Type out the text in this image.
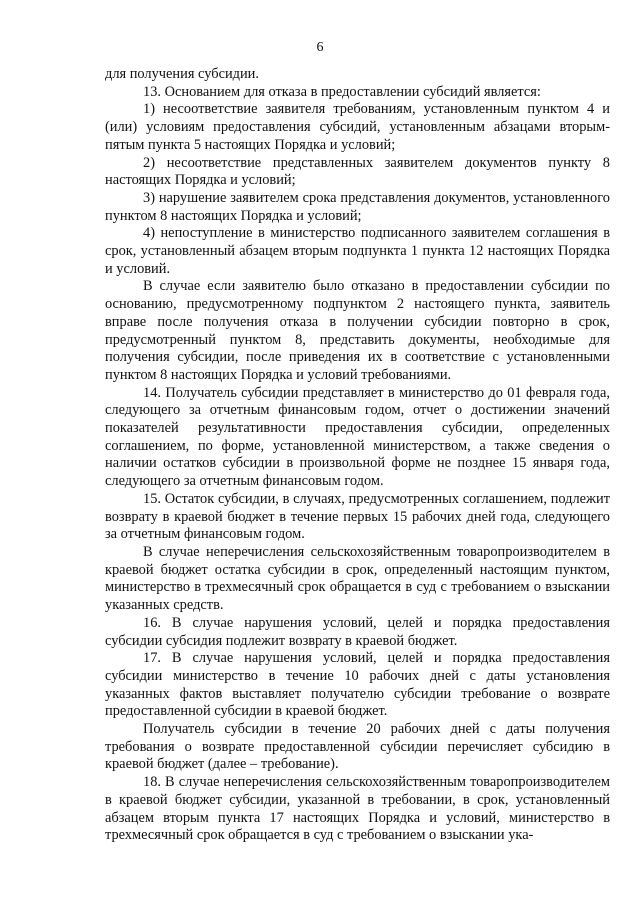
6

для получения субсидии.

13. Основанием для отказа в предоставлении субсидий является:

1) несоответствие заявителя требованиям, установленным пунктом 4 и (или) условиям предоставления субсидий, установленным абзацами вторым-пятым пункта 5 настоящих Порядка и условий;

2) несоответствие представленных заявителем документов пункту 8 настоящих Порядка и условий;

3) нарушение заявителем срока представления документов, установленного пунктом 8 настоящих Порядка и условий;

4) непоступление в министерство подписанного заявителем соглашения в срок, установленный абзацем вторым подпункта 1 пункта 12 настоящих Порядка и условий.

В случае если заявителю было отказано в предоставлении субсидии по основанию, предусмотренному подпунктом 2 настоящего пункта, заявитель вправе после получения отказа в получении субсидии повторно в срок, предусмотренный пунктом 8, представить документы, необходимые для получения субсидии, после приведения их в соответствие с установленными пунктом 8 настоящих Порядка и условий требованиями.

14. Получатель субсидии представляет в министерство до 01 февраля года, следующего за отчетным финансовым годом, отчет о достижении значений показателей результативности предоставления субсидии, определенных соглашением, по форме, установленной министерством, а также сведения о наличии остатков субсидии в произвольной форме не позднее 15 января года, следующего за отчетным финансовым годом.

15. Остаток субсидии, в случаях, предусмотренных соглашением, подлежит возврату в краевой бюджет в течение первых 15 рабочих дней года, следующего за отчетным финансовым годом.

В случае неперечисления сельскохозяйственным товаропроизводителем в краевой бюджет остатка субсидии в срок, определенный настоящим пунктом, министерство в трехмесячный срок обращается в суд с требованием о взыскании указанных средств.

16. В случае нарушения условий, целей и порядка предоставления субсидии субсидия подлежит возврату в краевой бюджет.

17. В случае нарушения условий, целей и порядка предоставления субсидии министерство в течение 10 рабочих дней с даты установления указанных фактов выставляет получателю субсидии требование о возврате предоставленной субсидии в краевой бюджет.

Получатель субсидии в течение 20 рабочих дней с даты получения требования о возврате предоставленной субсидии перечисляет субсидию в краевой бюджет (далее – требование).

18. В случае неперечисления сельскохозяйственным товаропроизводителем в краевой бюджет субсидии, указанной в требовании, в срок, установленный абзацем вторым пункта 17 настоящих Порядка и условий, министерство в трехмесячный срок обращается в суд с требованием о взыскании ука-
